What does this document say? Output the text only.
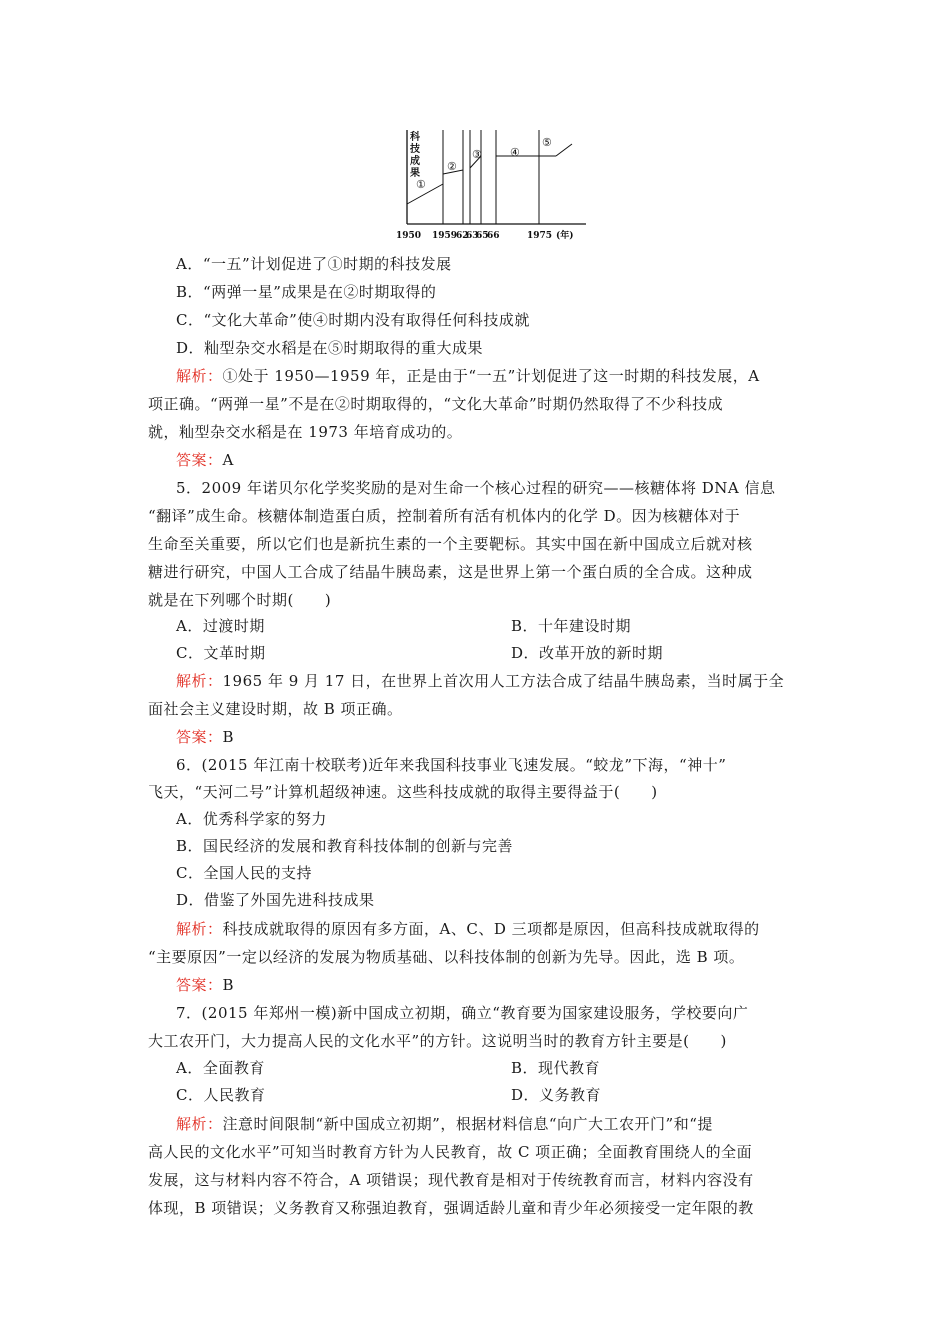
科
技
成
果
①
②
③	④
⑤
1950 1959
62
63
65
66	1975 (年)
A．“一五”计划促进了①时期的科技发展
B．“两弹一星”成果是在②时期取得的
C．“文化大革命”使④时期内没有取得任何科技成就
D．籼型杂交水稻是在⑤时期取得的重大成果
解析：①处于 1950—1959 年，正是由于“一五”计划促进了这一时期的科技发展，A
项正确。“两弹一星”不是在②时期取得的，“文化大革命”时期仍然取得了不少科技成
就，籼型杂交水稻是在 1973 年培育成功的。
答案：A
5．2009 年诺贝尔化学奖奖励的是对生命一个核心过程的研究——核糖体将 DNA 信息
“翻译”成生命。核糖体制造蛋白质，控制着所有活有机体内的化学 D。因为核糖体对于
生命至关重要，所以它们也是新抗生素的一个主要靶标。其实中国在新中国成立后就对核
糖进行研究，中国人工合成了结晶牛胰岛素，这是世界上第一个蛋白质的全合成。这种成
就是在下列哪个时期(　　)
A．过渡时期	B．十年建设时期
C．文革时期	D．改革开放的新时期
解析：1965 年 9 月 17 日，在世界上首次用人工方法合成了结晶牛胰岛素，当时属于全
面社会主义建设时期，故 B 项正确。
答案：B
6．(2015 年江南十校联考)近年来我国科技事业飞速发展。“蛟龙”下海，“神十”
飞天，“天河二号”计算机超级神速。这些科技成就的取得主要得益于(　　)
A．优秀科学家的努力
B．国民经济的发展和教育科技体制的创新与完善
C．全国人民的支持
D．借鉴了外国先进科技成果
解析：科技成就取得的原因有多方面，A、C、D 三项都是原因，但高科技成就取得的
“主要原因”一定以经济的发展为物质基础、以科技体制的创新为先导。因此，选 B 项。
答案：B
7．(2015 年郑州一模)新中国成立初期，确立“教育要为国家建设服务，学校要向广
大工农开门，大力提高人民的文化水平”的方针。这说明当时的教育方针主要是(　　)
A．全面教育	B．现代教育
C．人民教育	D．义务教育
解析：注意时间限制“新中国成立初期”，根据材料信息“向广大工农开门”和“提
高人民的文化水平”可知当时教育方针为人民教育，故 C 项正确；全面教育围绕人的全面
发展，这与材料内容不符合，A 项错误；现代教育是相对于传统教育而言，材料内容没有
体现，B 项错误；义务教育又称强迫教育，强调适龄儿童和青少年必须接受一定年限的教
